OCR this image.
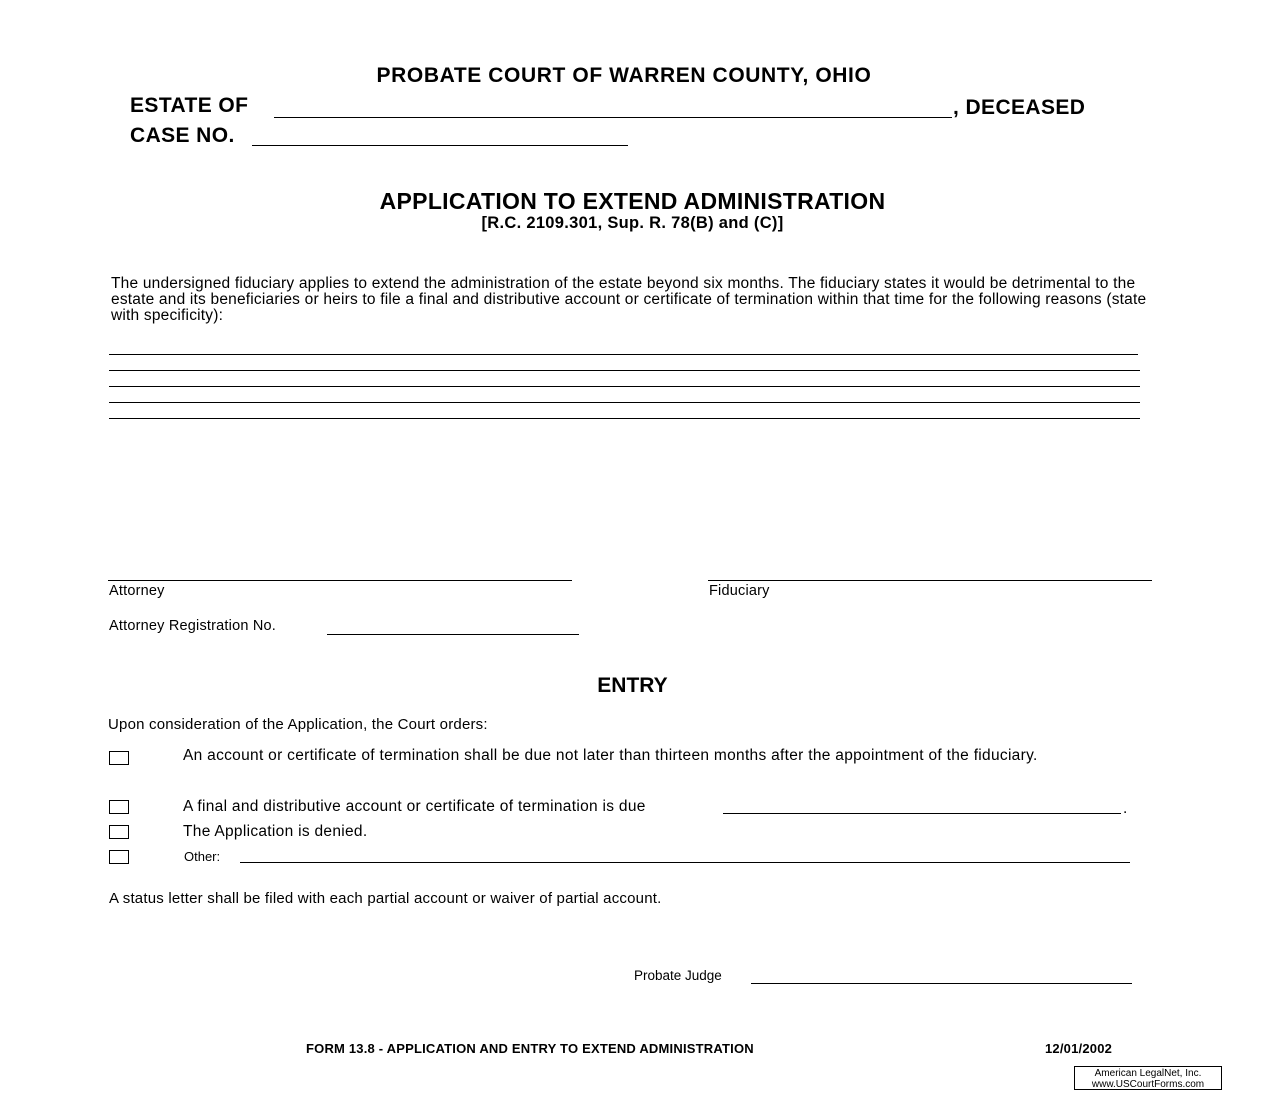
PROBATE COURT OF WARREN COUNTY, OHIO
ESTATE OF	, DECEASED
CASE NO.
APPLICATION TO EXTEND ADMINISTRATION
[R.C. 2109.301, Sup. R. 78(B) and (C)]
The undersigned fiduciary applies to extend the administration of the estate beyond six months. The fiduciary states it would be detrimental to the estate and its beneficiaries or heirs to file a final and distributive account or certificate of termination within that time for the following reasons (state with specificity):
Attorney	Fiduciary
Attorney Registration No.
ENTRY
Upon consideration of the Application, the Court orders:
An account or certificate of termination shall be due not later than thirteen months after the appointment of the fiduciary.
A final and distributive account or certificate of termination is due	.
The Application is denied.
Other:
A status letter shall be filed with each partial account or waiver of partial account.
Probate Judge
FORM 13.8 - APPLICATION AND ENTRY TO EXTEND ADMINISTRATION	12/01/2002
American LegalNet, Inc.
www.USCourtForms.com
